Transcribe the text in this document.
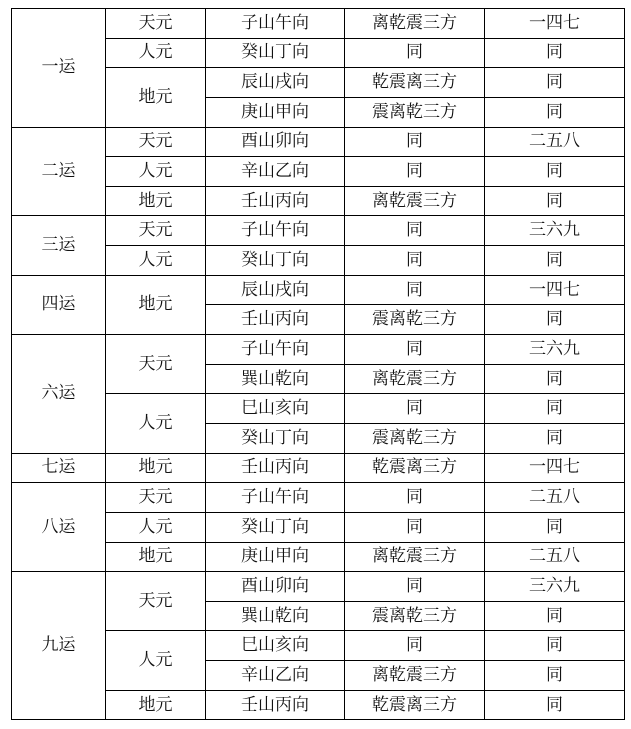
一运	天元	子山午向	离乾震三方	一四七
	人元	癸山丁向	同	同
	地元	辰山戌向	乾震离三方	同
		庚山甲向	震离乾三方	同
二运	天元	酉山卯向	同	二五八
	人元	辛山乙向	同	同
	地元	壬山丙向	离乾震三方	同
三运	天元	子山午向	同	三六九
	人元	癸山丁向	同	同
四运	地元	辰山戌向	同	一四七
		壬山丙向	震离乾三方	同
六运	天元	子山午向	同	三六九
		巽山乾向	离乾震三方	同
	人元	巳山亥向	同	同
		癸山丁向	震离乾三方	同
七运	地元	壬山丙向	乾震离三方	一四七
八运	天元	子山午向	同	二五八
	人元	癸山丁向	同	同
	地元	庚山甲向	离乾震三方	二五八
九运	天元	酉山卯向	同	三六九
		巽山乾向	震离乾三方	同
	人元	巳山亥向	同	同
		辛山乙向	离乾震三方	同
	地元	壬山丙向	乾震离三方	同
